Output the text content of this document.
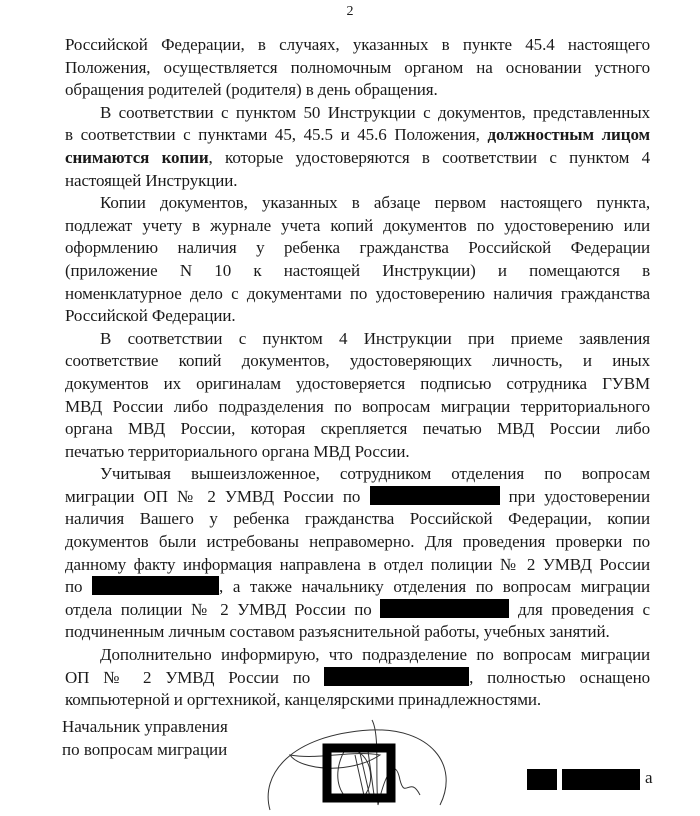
2
Российской Федерации, в случаях, указанных в пункте 45.4 настоящего
Положения, осуществляется полномочным органом на основании устного
обращения родителей (родителя) в день обращения.
В соответствии с пунктом 50 Инструкции с документов, представленных
в соответствии с пунктами 45, 45.5 и 45.6 Положения, должностным лицом
снимаются копии, которые удостоверяются в соответствии с пунктом 4
настоящей Инструкции.
Копии документов, указанных в абзаце первом настоящего пункта,
подлежат учету в журнале учета копий документов по удостоверению или
оформлению наличия у ребенка гражданства Российской Федерации
(приложение N 10 к настоящей Инструкции) и помещаются в
номенклатурное дело с документами по удостоверению наличия гражданства
Российской Федерации.
В соответствии с пунктом 4 Инструкции при приеме заявления
соответствие копий документов, удостоверяющих личность, и иных
документов их оригиналам удостоверяется подписью сотрудника ГУВМ
МВД России либо подразделения по вопросам миграции территориального
органа МВД России, которая скрепляется печатью МВД России либо
печатью территориального органа МВД России.
Учитывая вышеизложенное, сотрудником отделения по вопросам
миграции ОП № 2 УМВД России по	при удостоверении
наличия Вашего у ребенка гражданства Российской Федерации, копии
документов были истребованы неправомерно. Для проведения проверки по
данному факту информация направлена в отдел полиции № 2 УМВД России
по	, а также начальнику отделения по вопросам миграции
отдела полиции № 2 УМВД России по	для проведения с
подчиненным личным составом разъяснительной работы, учебных занятий.
Дополнительно информирую, что подразделение по вопросам миграции
ОП № 2 УМВД России по	, полностью оснащено
компьютерной и оргтехникой, канцелярскими принадлежностями.
Начальник управления
по вопросам миграции
а
